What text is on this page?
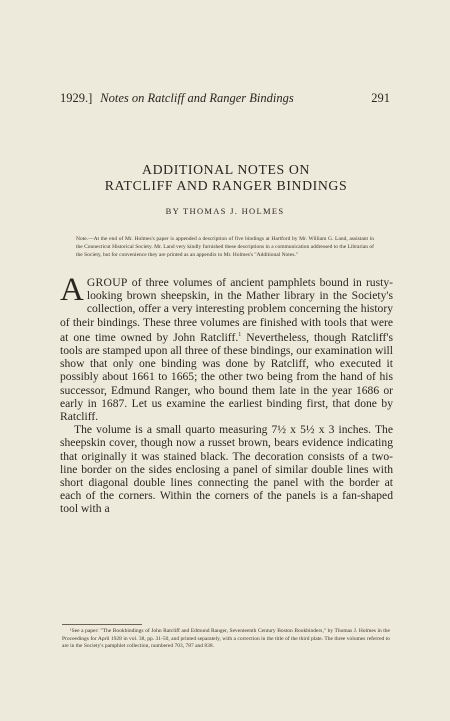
1929.] Notes on Ratcliff and Ranger Bindings	291
ADDITIONAL NOTES ON
RATCLIFF AND RANGER BINDINGS
BY THOMAS J. HOLMES
Note.—At the end of Mr. Holmes's paper is appended a description of five bindings at Hartford by Mr. William G. Land, assistant in the Connecticut Historical Society. Mr. Land very kindly furnished these descriptions in a communication addressed to the Librarian of the Society, but for convenience they are printed as an appendix to Mr. Holmes's "Additional Notes."

AGROUP of three volumes of ancient pamphlets bound in rusty-looking brown sheepskin, in the Mather library in the Society's collection, offer a very interesting problem concerning the history of their bindings. These three volumes are finished with tools that were at one time owned by John Ratcliff.$^1$ Nevertheless, though Ratcliff's tools are stamped upon all three of these bindings, our examination will show that only one binding was done by Ratcliff, who executed it possibly about 1661 to 1665; the other two being from the hand of his successor, Edmund Ranger, who bound them late in the year 1686 or early in 1687. Let us examine the earliest binding first, that done by Ratcliff.

The volume is a small quarto measuring 7½ x 5½ x 3 inches. The sheepskin cover, though now a russet brown, bears evidence indicating that originally it was stained black. The decoration consists of a two-line border on the sides enclosing a panel of similar double lines with short diagonal double lines connecting the panel with the border at each of the corners. Within the corners of the panels is a fan-shaped tool with a

¹See a paper: "The Bookbindings of John Ratcliff and Edmund Ranger, Seventeenth Century Boston Bookbinders," by Thomas J. Holmes in the Proceedings for April 1928 in vol. 38, pp. 31-50, and printed separately, with a correction in the title of the third plate. The three volumes referred to are in the Society's pamphlet collection, numbered 703, 787 and 838.
